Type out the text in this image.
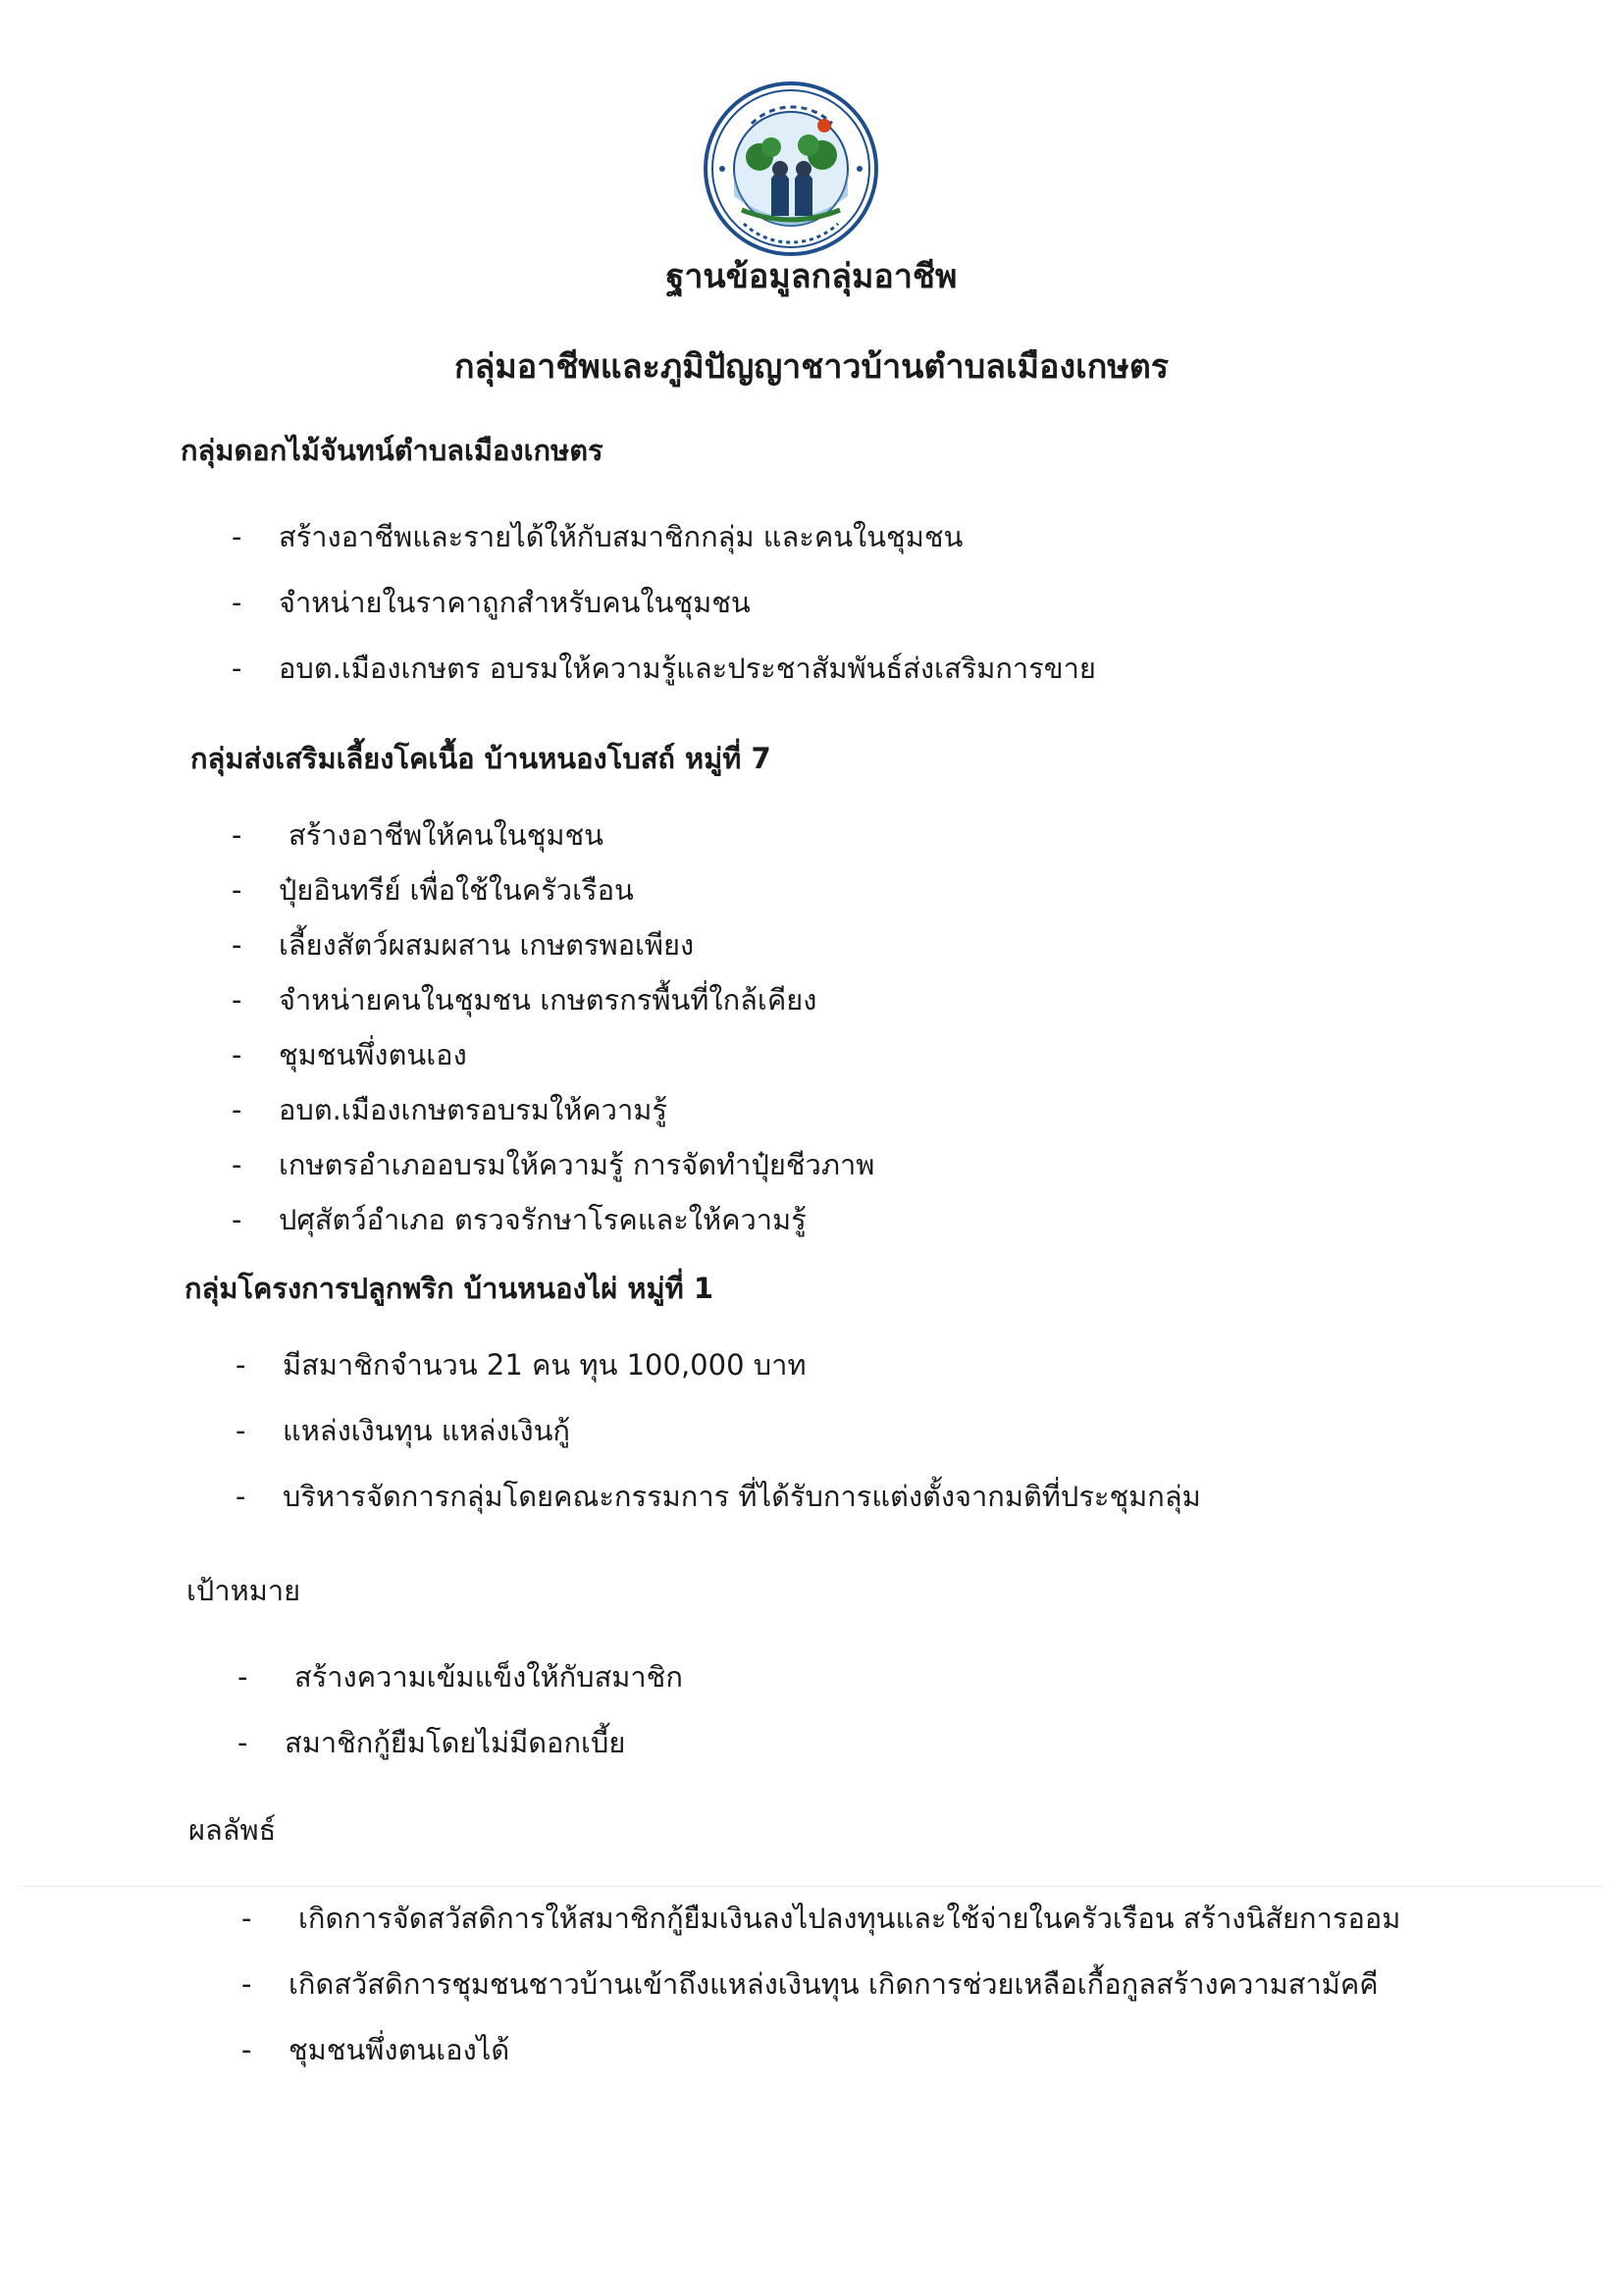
ฐานข้อมูลกลุ่มอาชีพ
กลุ่มอาชีพและภูมิปัญญาชาวบ้านตำบลเมืองเกษตร
กลุ่มดอกไม้จันทน์ตำบลเมืองเกษตร
- สร้างอาชีพและรายได้ให้กับสมาชิกกลุ่ม และคนในชุมชน
- จำหน่ายในราคาถูกสำหรับคนในชุมชน
- อบต.เมืองเกษตร อบรมให้ความรู้และประชาสัมพันธ์ส่งเสริมการขาย
กลุ่มส่งเสริมเลี้ยงโคเนื้อ บ้านหนองโบสถ์ หมู่ที่ 7
- สร้างอาชีพให้คนในชุมชน
- ปุ๋ยอินทรีย์ เพื่อใช้ในครัวเรือน
- เลี้ยงสัตว์ผสมผสาน เกษตรพอเพียง
- จำหน่ายคนในชุมชน เกษตรกรพื้นที่ใกล้เคียง
- ชุมชนพึ่งตนเอง
- อบต.เมืองเกษตรอบรมให้ความรู้
- เกษตรอำเภออบรมให้ความรู้ การจัดทำปุ๋ยชีวภาพ
- ปศุสัตว์อำเภอ ตรวจรักษาโรคและให้ความรู้
กลุ่มโครงการปลูกพริก บ้านหนองไผ่ หมู่ที่ 1
- มีสมาชิกจำนวน 21 คน ทุน 100,000 บาท
- แหล่งเงินทุน แหล่งเงินกู้
- บริหารจัดการกลุ่มโดยคณะกรรมการ ที่ได้รับการแต่งตั้งจากมติที่ประชุมกลุ่ม
เป้าหมาย
- สร้างความเข้มแข็งให้กับสมาชิก
- สมาชิกกู้ยืมโดยไม่มีดอกเบี้ย
ผลลัพธ์
- เกิดการจัดสวัสดิการให้สมาชิกกู้ยืมเงินลงไปลงทุนและใช้จ่ายในครัวเรือน สร้างนิสัยการออม
- เกิดสวัสดิการชุมชนชาวบ้านเข้าถึงแหล่งเงินทุน เกิดการช่วยเหลือเกื้อกูลสร้างความสามัคคี
- ชุมชนพึ่งตนเองได้
